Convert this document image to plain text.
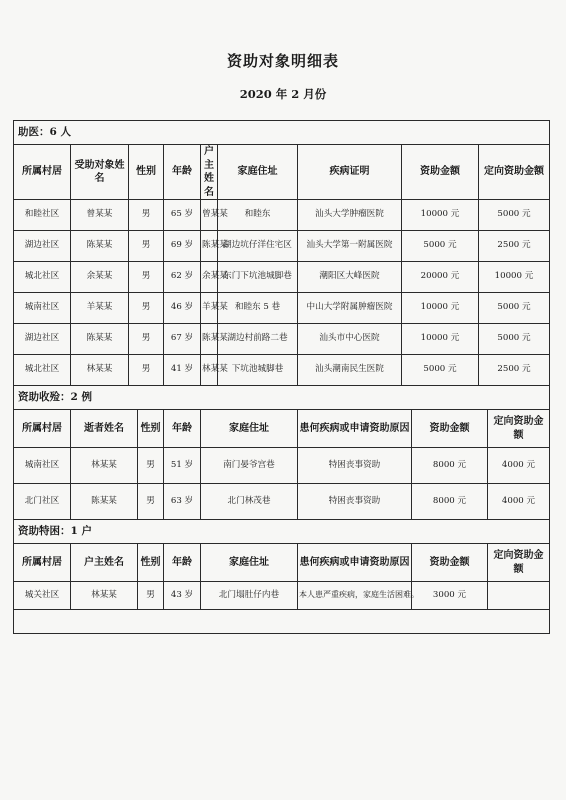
资助对象明细表
2020 年 2 月份
助医：6 人											
所属村居	受助对象姓名	性别		年龄	户主姓名	家庭住址	疾病证明	资助金额		定向资助金额	
和睦社区	曾某某	男		65 岁	曾某某	和睦东	汕头大学肿瘤医院	10000 元		5000 元	
湖边社区	陈某某	男		69 岁	陈某某	湖边坑仔洋住宅区	汕头大学第一附属医院	5000 元		2500 元	
城北社区	余某某	男		62 岁	余某某	东门下坑池城脚巷	潮阳区大峰医院	20000 元		10000 元	
城南社区	羊某某	男		46 岁	羊某某	和睦东 5 巷	中山大学附属肿瘤医院	10000 元		5000 元	
湖边社区	陈某某	男		67 岁	陈某某	湖边村前路二巷	汕头市中心医院	10000 元		5000 元	
城北社区	林某某	男		41 岁	林某某	下坑池城脚巷	汕头潮南民生医院	5000 元		2500 元	
资助收殓：2 例											
所属村居	逝者姓名		性别	年龄	家庭住址		患何疾病或申请资助原因		资助金额		定向资助金额
城南社区	林某某		男	51 岁	南门晏爷宫巷		特困丧事资助		8000 元		4000 元
北门社区	陈某某		男	63 岁	北门林茂巷		特困丧事资助		8000 元		4000 元
资助特困：1 户											
所属村居	户主姓名		性别	年龄	家庭住址		患何疾病或申请资助原因		资助金额		定向资助金额
城关社区	林某某		男	43 岁	北门塌肚仔内巷		本人患严重疾病，家庭生活困难。		3000 元		
